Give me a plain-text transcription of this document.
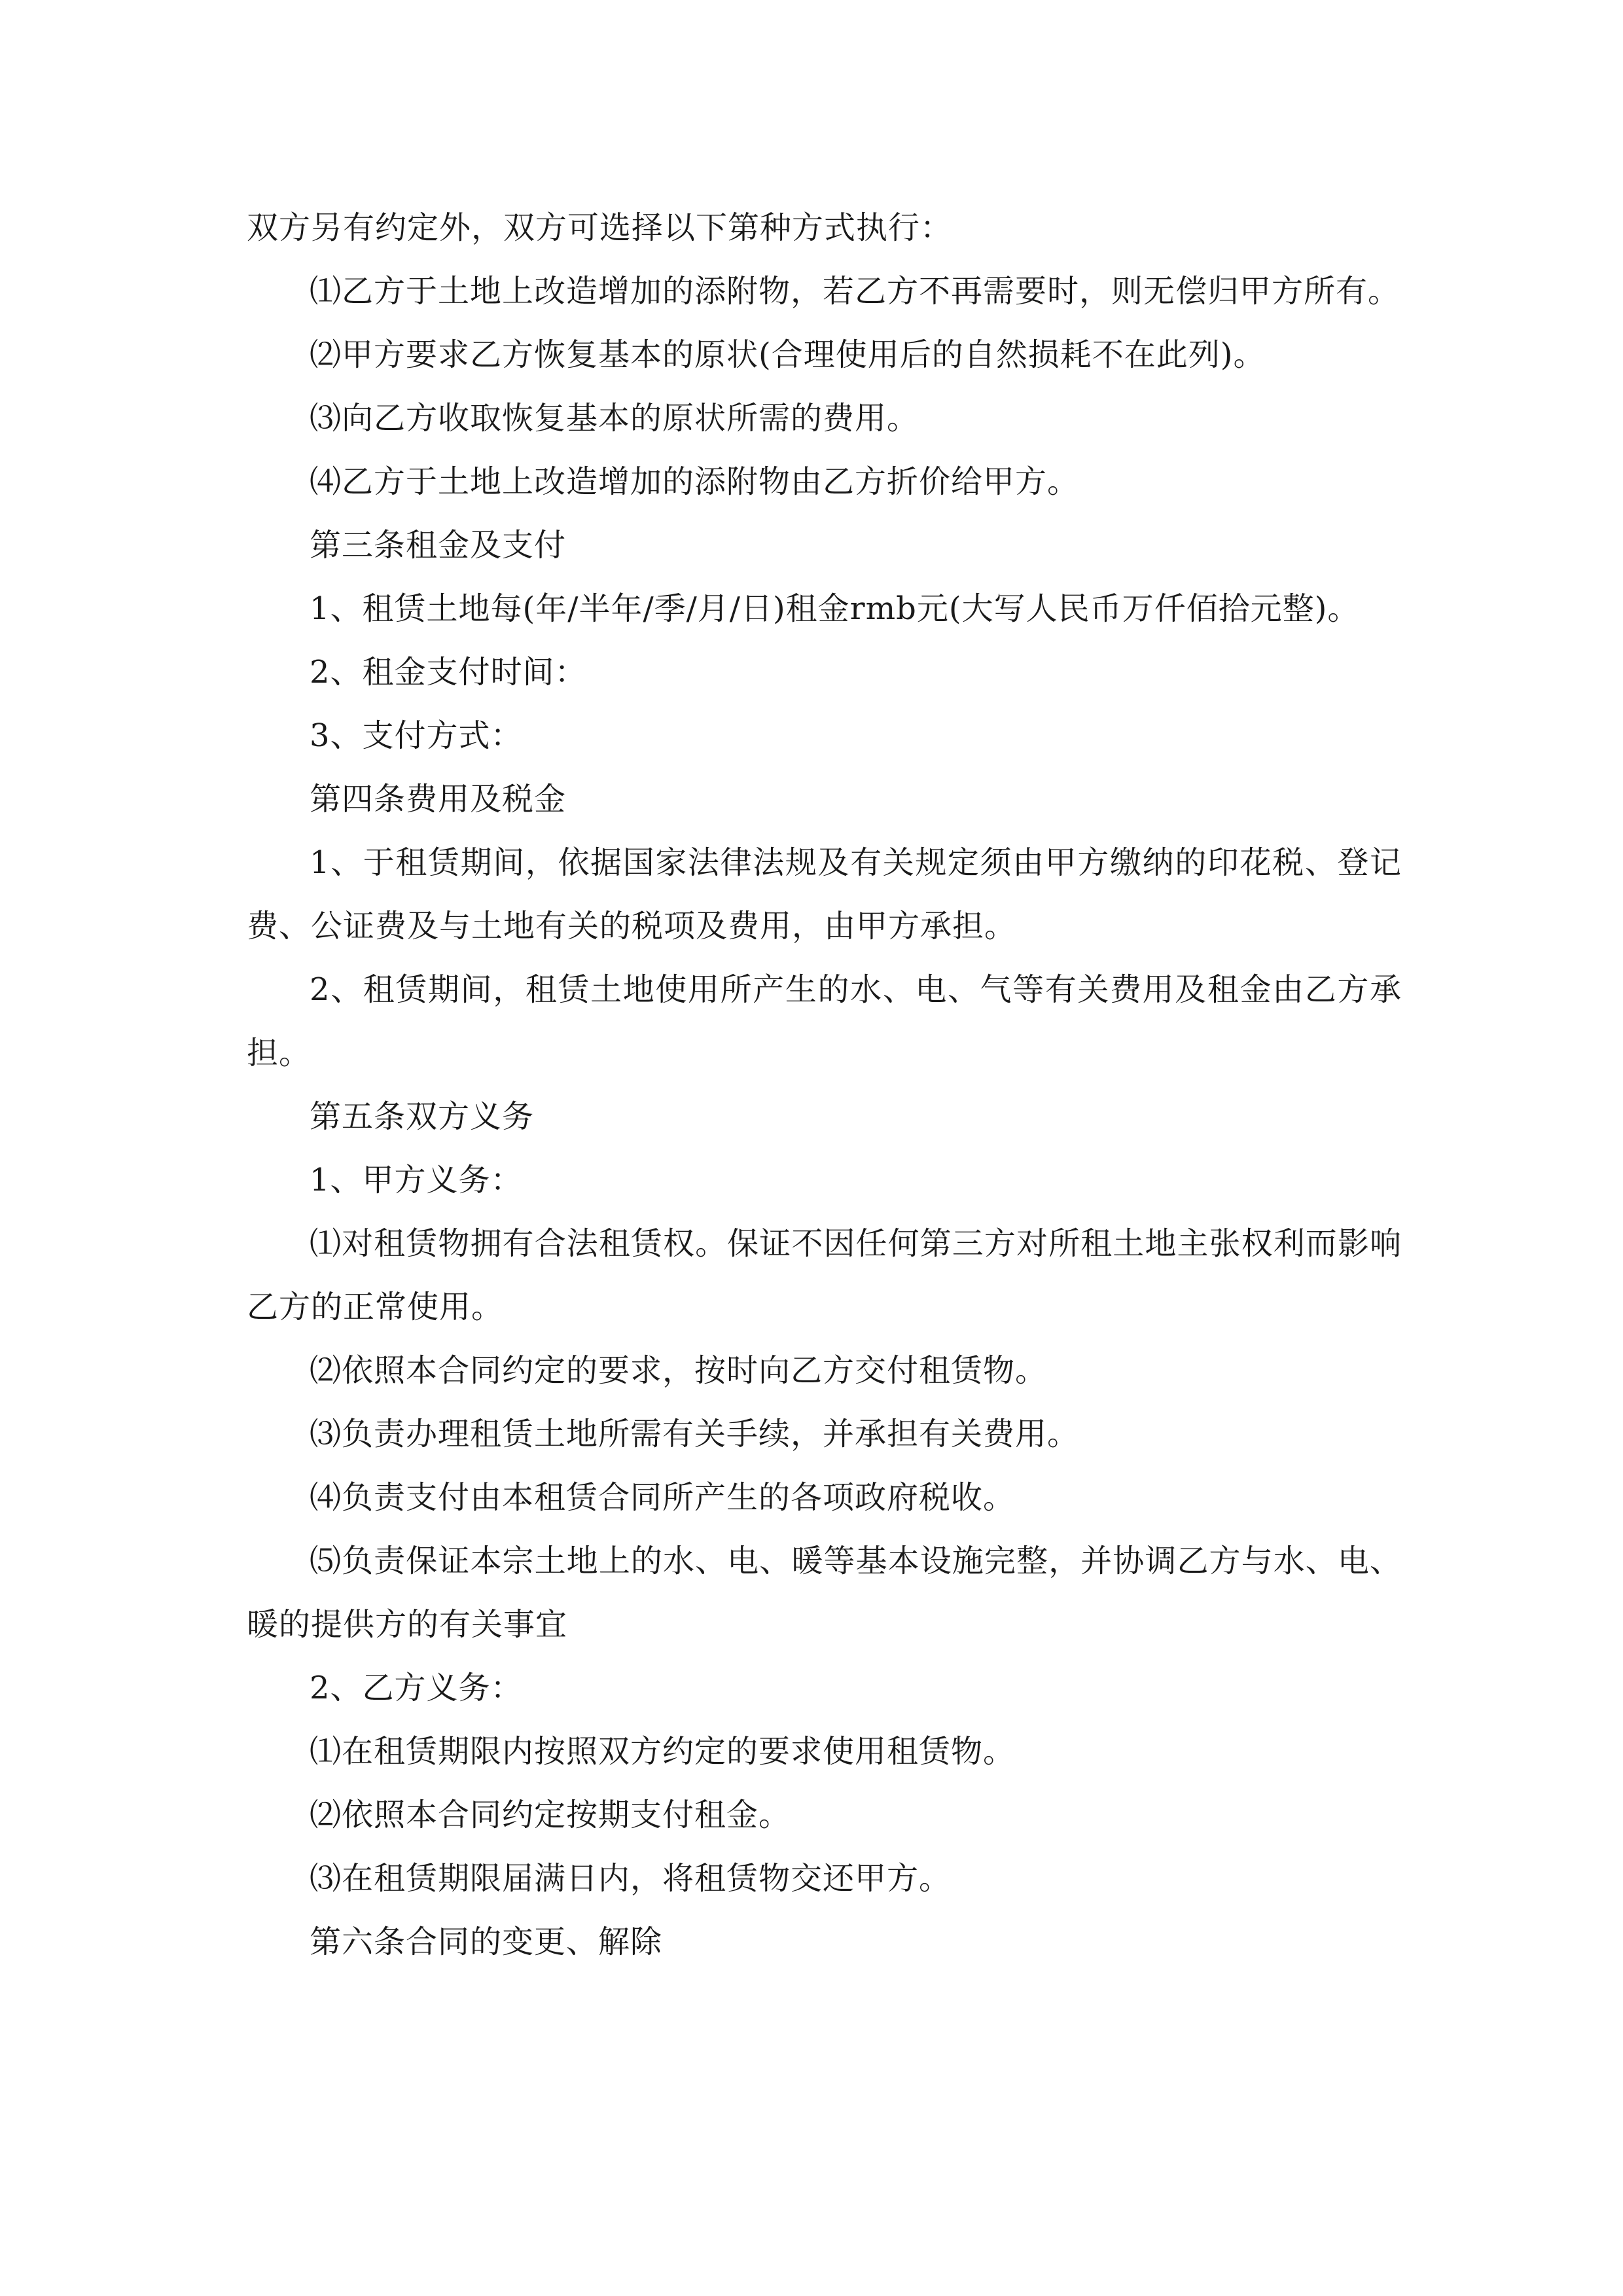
双方另有约定外，双方可选择以下第种方式执行：

⑴乙方于土地上改造增加的添附物，若乙方不再需要时，则无偿归甲方所有。

⑵甲方要求乙方恢复基本的原状(合理使用后的自然损耗不在此列)。

⑶向乙方收取恢复基本的原状所需的费用。

⑷乙方于土地上改造增加的添附物由乙方折价给甲方。

第三条租金及支付

1、租赁土地每(年/半年/季/月/日)租金rmb元(大写人民币万仟佰拾元整)。

2、租金支付时间：

3、支付方式：

第四条费用及税金

1、于租赁期间，依据国家法律法规及有关规定须由甲方缴纳的印花税、登记费、公证费及与土地有关的税项及费用，由甲方承担。

2、租赁期间，租赁土地使用所产生的水、电、气等有关费用及租金由乙方承担。

第五条双方义务

1、甲方义务：

⑴对租赁物拥有合法租赁权。保证不因任何第三方对所租土地主张权利而影响乙方的正常使用。

⑵依照本合同约定的要求，按时向乙方交付租赁物。

⑶负责办理租赁土地所需有关手续，并承担有关费用。

⑷负责支付由本租赁合同所产生的各项政府税收。

⑸负责保证本宗土地上的水、电、暖等基本设施完整，并协调乙方与水、电、暖的提供方的有关事宜

2、乙方义务：

⑴在租赁期限内按照双方约定的要求使用租赁物。

⑵依照本合同约定按期支付租金。

⑶在租赁期限届满日内，将租赁物交还甲方。

第六条合同的变更、解除
